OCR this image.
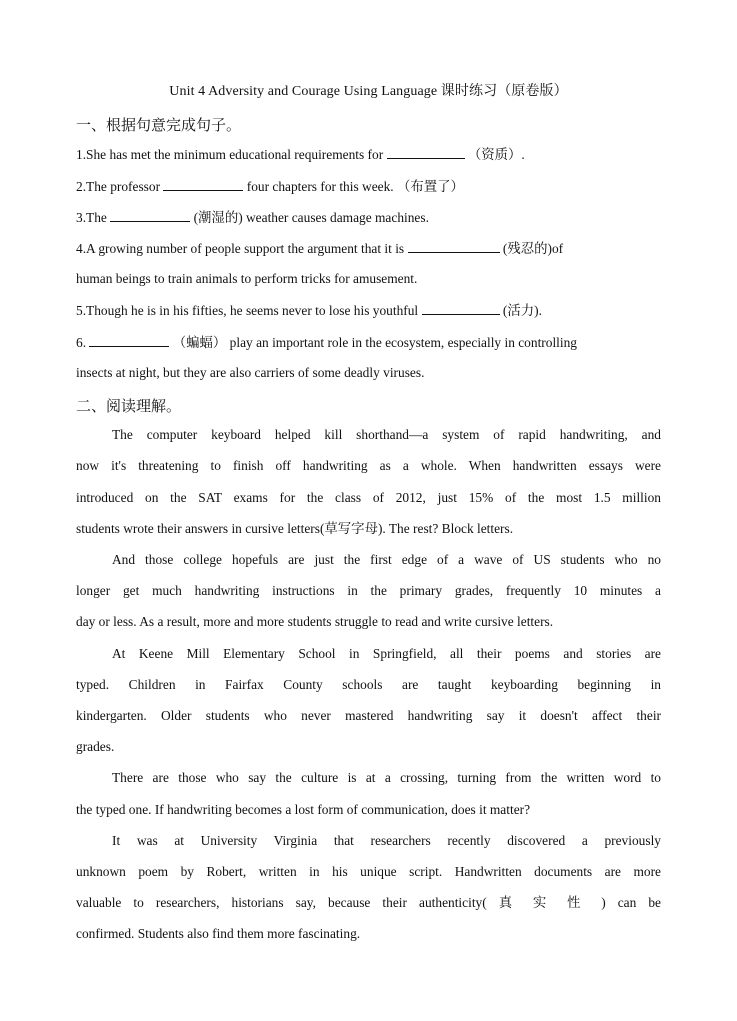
Unit 4 Adversity and Courage Using Language 课时练习（原卷版）
一、根据句意完成句子。
1.She has met the minimum educational requirements for	（资质）.
2.The professor	four chapters for this week. （布置了）
3.The	(潮湿的) weather causes damage machines.
4.A growing number of people support the argument that it is	(残忍的)of
human beings to train animals to perform tricks for amusement.
5.Though he is in his fifties, he seems never to lose his youthful	(活力).
6.	（蝙蝠） play an important role in the ecosystem, especially in controlling
insects at night, but they are also carriers of some deadly viruses.
二、阅读理解。
The computer keyboard helped kill shorthand—a system of rapid handwriting, and
now it's threatening to finish off handwriting as a whole. When handwritten essays were
introduced on the SAT exams for the class of 2012, just 15% of the most 1.5 million
students wrote their answers in cursive letters(草写字母). The rest? Block letters.
And those college hopefuls are just the first edge of a wave of US students who no
longer get much handwriting instructions in the primary grades, frequently 10 minutes a
day or less. As a result, more and more students struggle to read and write cursive letters.
At Keene Mill Elementary School in Springfield, all their poems and stories are
typed. Children in Fairfax County schools are taught keyboarding beginning in
kindergarten. Older students who never mastered handwriting say it doesn't affect their
grades.
There are those who say the culture is at a crossing, turning from the written word to
the typed one. If handwriting becomes a lost form of communication, does it matter?
It was at University Virginia that researchers recently discovered a previously
unknown poem by Robert, written in his unique script. Handwritten documents are more
valuable to researchers, historians say, because their authenticity( 真 实 性 ) can be
confirmed. Students also find them more fascinating.
